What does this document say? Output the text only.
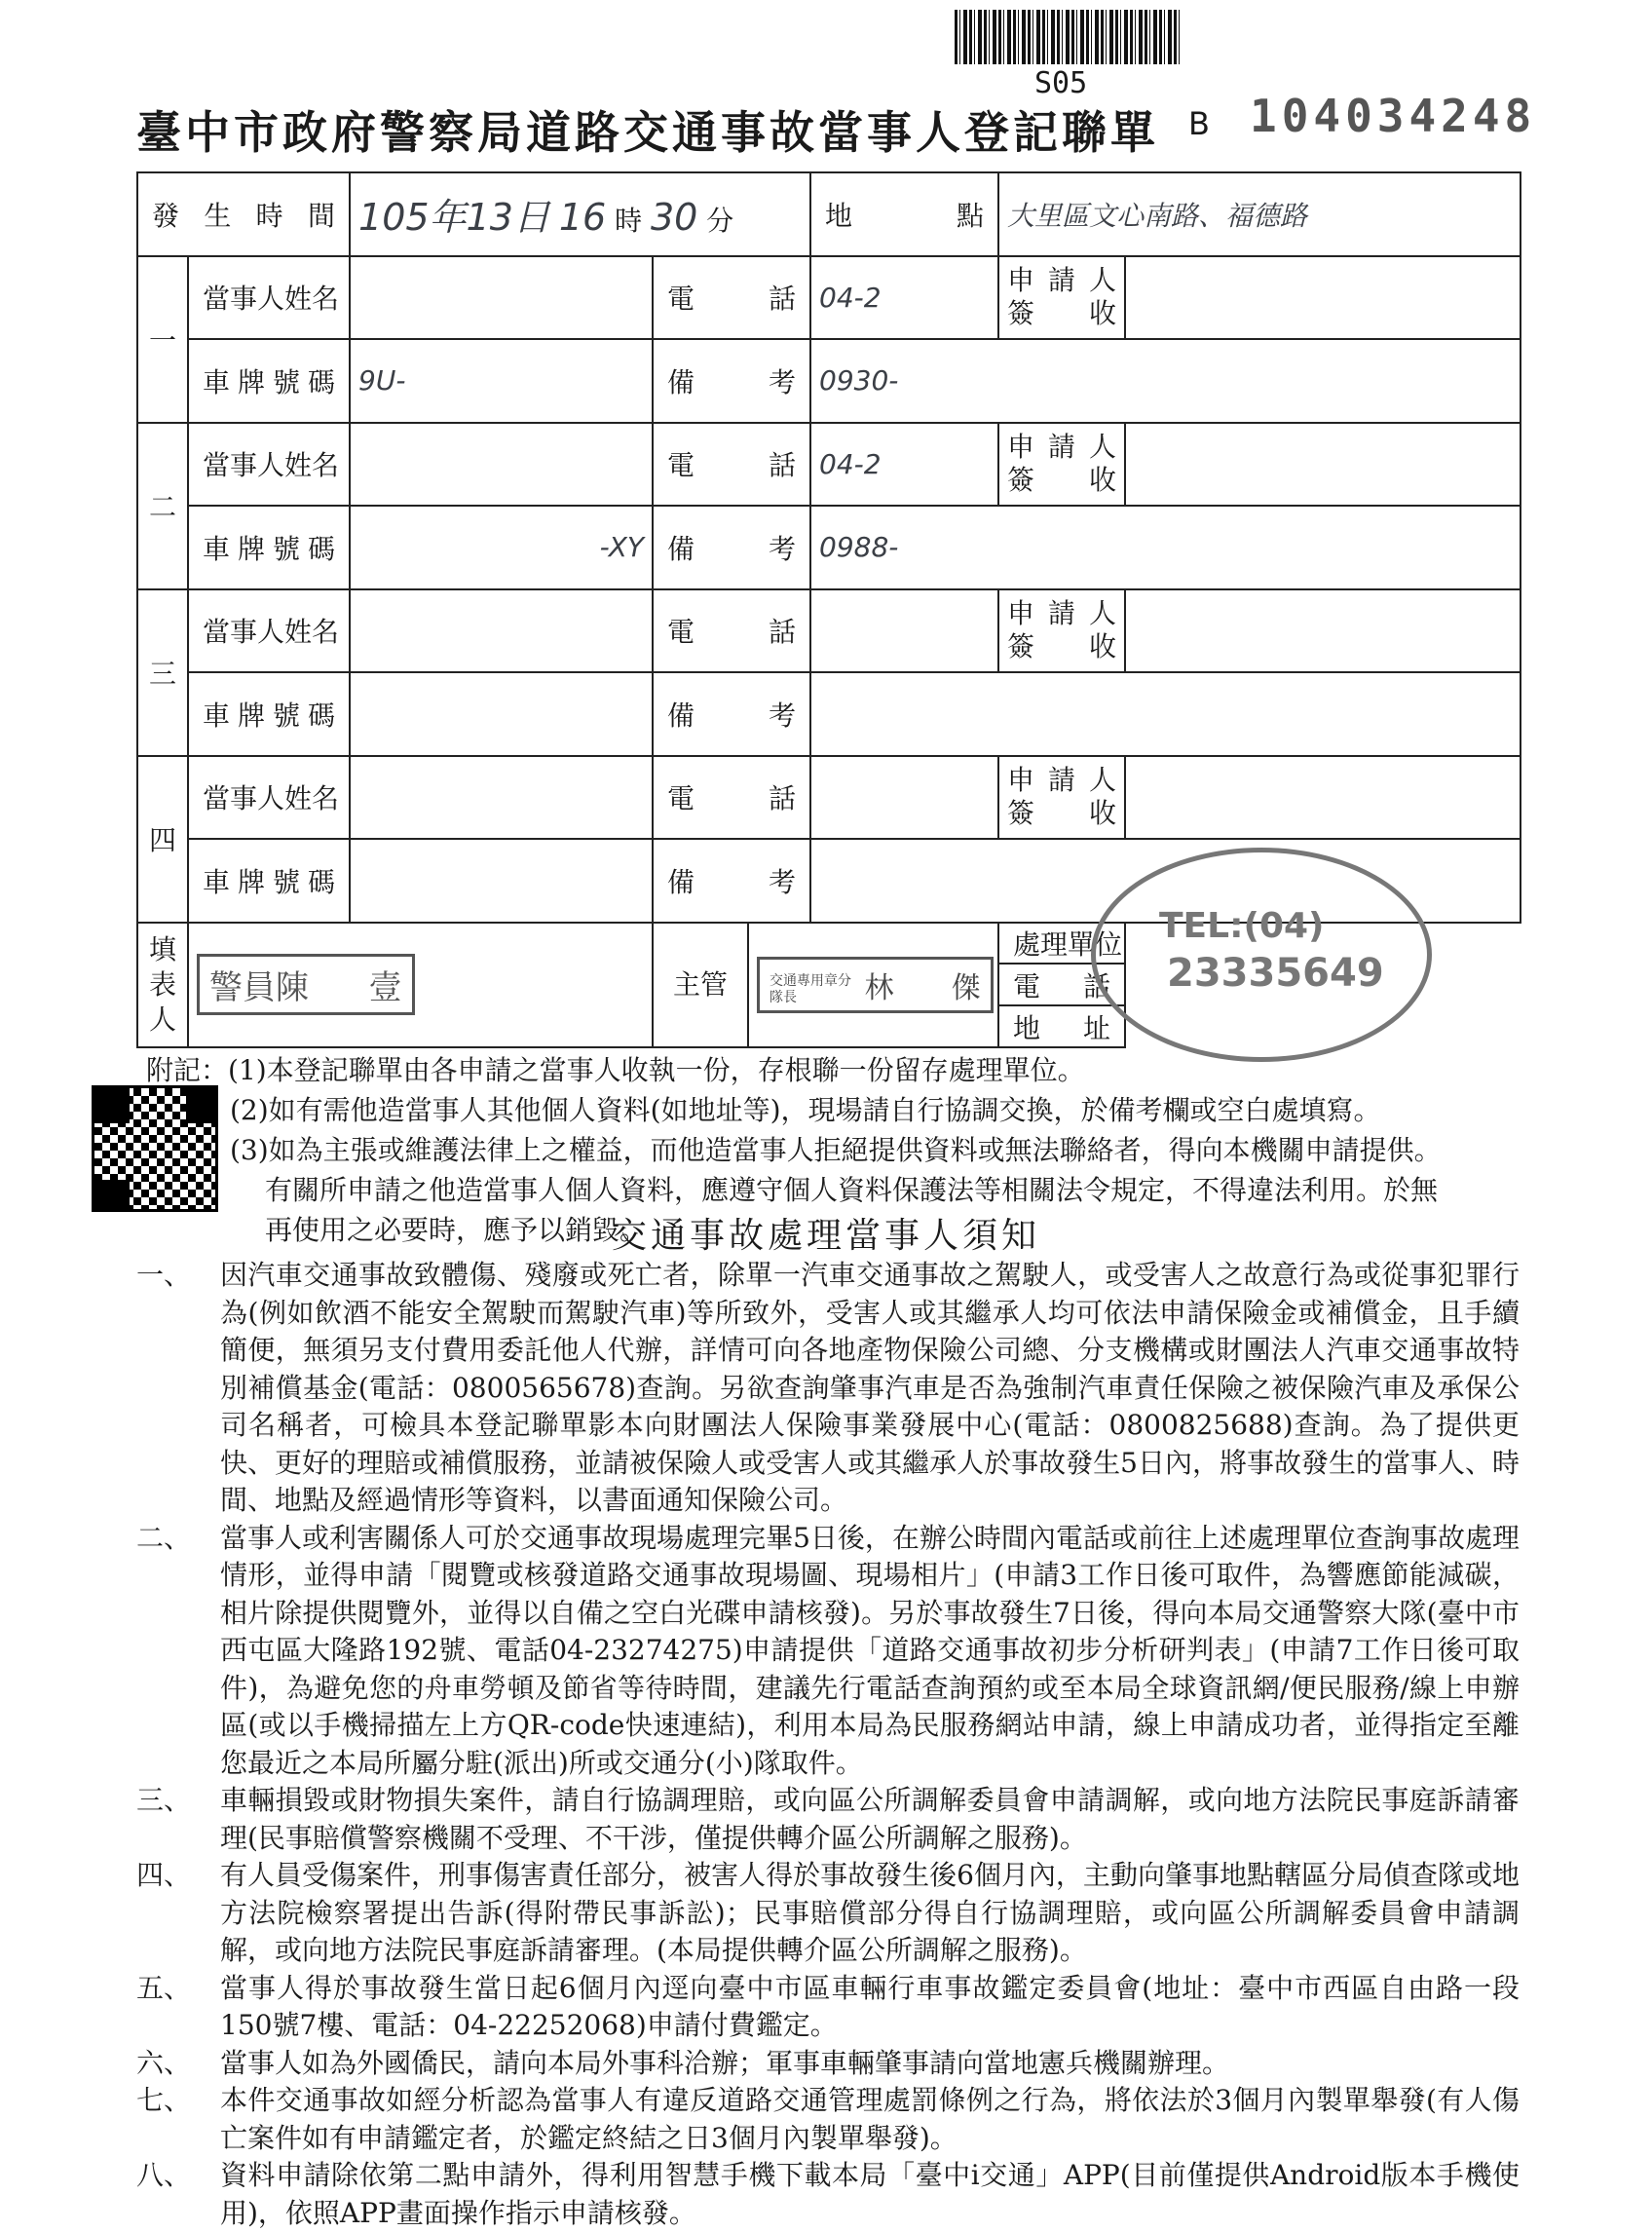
S05
臺中市政府警察局道路交通事故當事人登記聯單 B 104034248
發生時間		105年13日 16 時 30 分			地點	大里區文心南路、福德路	
一	當事人姓名		電話		04-2	申請人
簽收	

	車牌號碼	9U-	備考		0930-		
二	當事人姓名		電話		04-2	申請人
簽收	

	車牌號碼	-XY	備考		0988-		
三	當事人姓名		電話			申請人
簽收	

	車牌號碼		備考				
四	當事人姓名		電話			申請人
簽收	

	車牌號碼		備考				
填表人	警員陳 壹		主管	交通專用章分隊長 林 傑		處理單位	
						電話	
						地址	
TEL:(04)
23335649

附記：(1)本登記聯單由各申請之當事人收執一份，存根聯一份留存處理單位。

(2)如有需他造當事人其他個人資料(如地址等)，現場請自行協調交換，於備考欄或空白處填寫。

(3)如為主張或維護法律上之權益，而他造當事人拒絕提供資料或無法聯絡者，得向本機關申請提供。

有關所申請之他造當事人個人資料，應遵守個人資料保護法等相關法令規定，不得違法利用。於無

再使用之必要時，應予以銷毀。

交通事故處理當事人須知
一、	因汽車交通事故致體傷、殘廢或死亡者，除單一汽車交通事故之駕駛人，或受害人之故意行為或從事犯罪行為(例如飲酒不能安全駕駛而駕駛汽車)等所致外，受害人或其繼承人均可依法申請保險金或補償金，且手續簡便，無須另支付費用委託他人代辦，詳情可向各地產物保險公司總、分支機構或財團法人汽車交通事故特別補償基金(電話：0800565678)查詢。另欲查詢肇事汽車是否為強制汽車責任保險之被保險汽車及承保公司名稱者，可檢具本登記聯單影本向財團法人保險事業發展中心(電話：0800825688)查詢。為了提供更快、更好的理賠或補償服務，並請被保險人或受害人或其繼承人於事故發生5日內，將事故發生的當事人、時間、地點及經過情形等資料，以書面通知保險公司。
二、	當事人或利害關係人可於交通事故現場處理完畢5日後，在辦公時間內電話或前往上述處理單位查詢事故處理情形，並得申請「閱覽或核發道路交通事故現場圖、現場相片」(申請3工作日後可取件，為響應節能減碳，相片除提供閱覽外，並得以自備之空白光碟申請核發)。另於事故發生7日後，得向本局交通警察大隊(臺中市西屯區大隆路192號、電話04-23274275)申請提供「道路交通事故初步分析研判表」(申請7工作日後可取件)，為避免您的舟車勞頓及節省等待時間，建議先行電話查詢預約或至本局全球資訊網/便民服務/線上申辦區(或以手機掃描左上方QR-code快速連結)，利用本局為民服務網站申請，線上申請成功者，並得指定至離您最近之本局所屬分駐(派出)所或交通分(小)隊取件。
三、	車輛損毀或財物損失案件，請自行協調理賠，或向區公所調解委員會申請調解，或向地方法院民事庭訴請審理(民事賠償警察機關不受理、不干涉，僅提供轉介區公所調解之服務)。
四、	有人員受傷案件，刑事傷害責任部分，被害人得於事故發生後6個月內，主動向肇事地點轄區分局偵查隊或地方法院檢察署提出告訴(得附帶民事訴訟)；民事賠償部分得自行協調理賠，或向區公所調解委員會申請調解，或向地方法院民事庭訴請審理。(本局提供轉介區公所調解之服務)。
五、	當事人得於事故發生當日起6個月內逕向臺中市區車輛行車事故鑑定委員會(地址：臺中市西區自由路一段150號7樓、電話：04-22252068)申請付費鑑定。
六、	當事人如為外國僑民，請向本局外事科洽辦；軍事車輛肇事請向當地憲兵機關辦理。
七、	本件交通事故如經分析認為當事人有違反道路交通管理處罰條例之行為，將依法於3個月內製單舉發(有人傷亡案件如有申請鑑定者，於鑑定終結之日3個月內製單舉發)。
八、	資料申請除依第二點申請外，得利用智慧手機下載本局「臺中i交通」APP(目前僅提供Android版本手機使用)，依照APP畫面操作指示申請核發。
